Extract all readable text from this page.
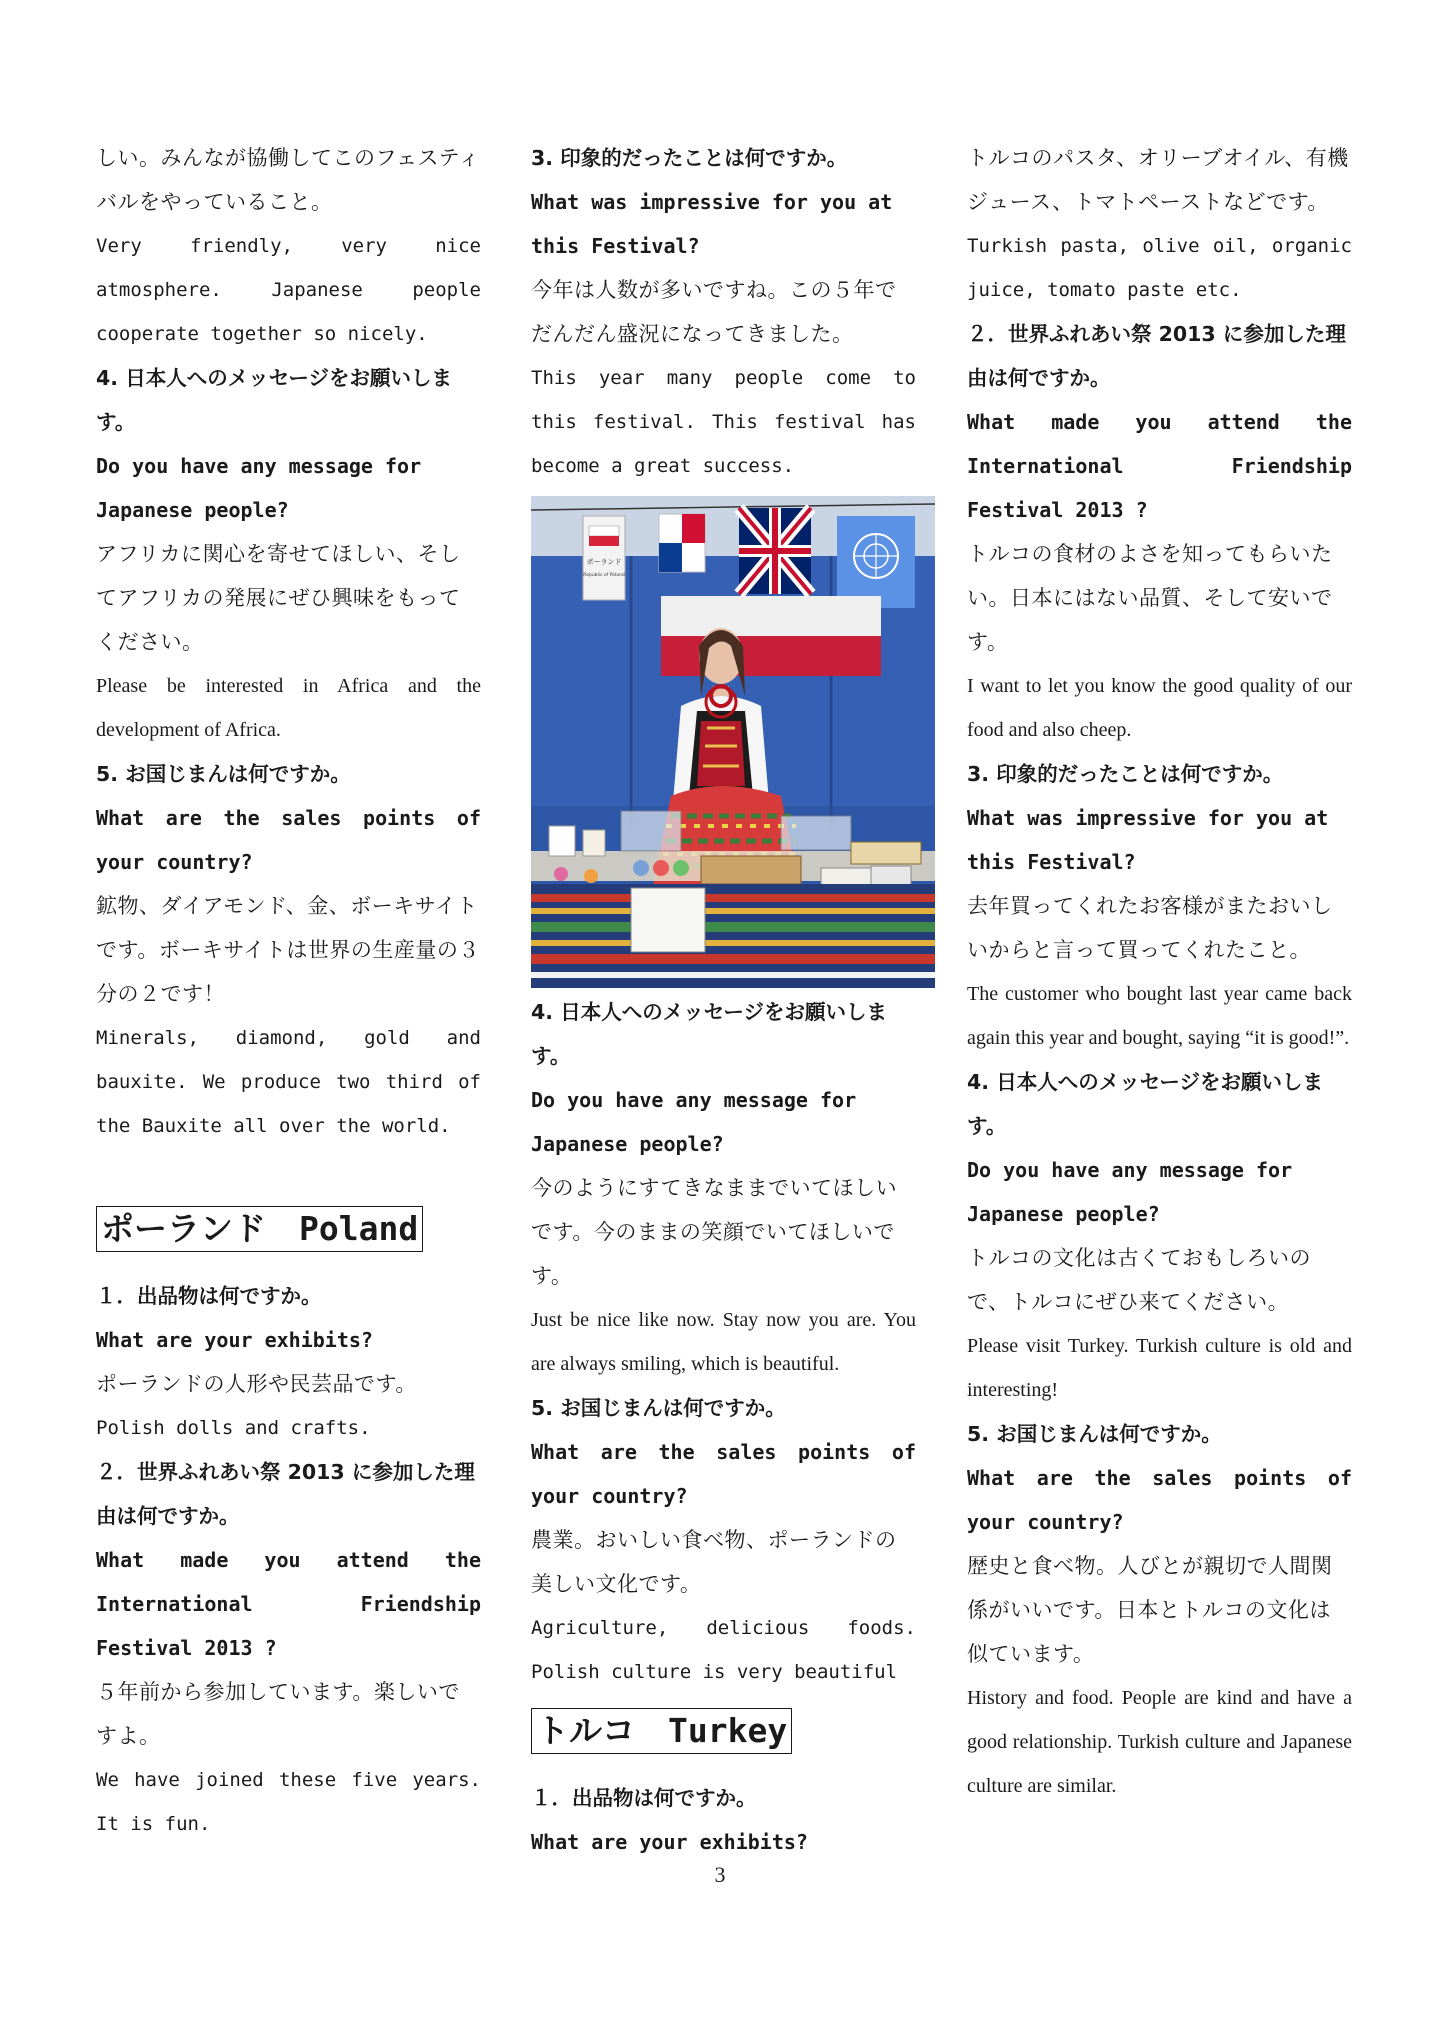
しい。みんなが協働してこのフェスティバルをやっていること。

Very friendly, very nice atmosphere. Japanese people cooperate together so nicely.

4. 日本人へのメッセージをお願いします。

Do you have any message for Japanese people?

アフリカに関心を寄せてほしい、そしてアフリカの発展にぜひ興味をもってください。

Please be interested in Africa and the development of Africa.

5. お国じまんは何ですか。

What are the sales points of your country?

鉱物、ダイアモンド、金、ボーキサイトです。ボーキサイトは世界の生産量の３分の２です！

Minerals, diamond, gold and bauxite. We produce two third of the Bauxite all over the world.

ポーランド　Poland

１．出品物は何ですか。

What are your exhibits?

ポーランドの人形や民芸品です。

Polish dolls and crafts.

２．世界ふれあい祭 2013 に参加した理由は何ですか。

What made you attend the International Friendship Festival 2013 ?

５年前から参加しています。楽しいですよ。

We have joined these five years. It is fun.

3. 印象的だったことは何ですか。

What was impressive for you at this Festival?

今年は人数が多いですね。この５年でだんだん盛況になってきました。

This year many people come to this festival. This festival has become a great success.

ポーランド
Republic of Poland

4. 日本人へのメッセージをお願いします。

Do you have any message for Japanese people?

今のようにすてきなままでいてほしいです。今のままの笑顔でいてほしいです。

Just be nice like now. Stay now you are. You are always smiling, which is beautiful.

5. お国じまんは何ですか。

What are the sales points of your country?

農業。おいしい食べ物、ポーランドの美しい文化です。

Agriculture, delicious foods. Polish culture is very beautiful

トルコ　Turkey

１．出品物は何ですか。

What are your exhibits?

トルコのパスタ、オリーブオイル、有機ジュース、トマトペーストなどです。

Turkish pasta, olive oil, organic juice, tomato paste etc.

２．世界ふれあい祭 2013 に参加した理由は何ですか。

What made you attend the International Friendship Festival 2013 ?

トルコの食材のよさを知ってもらいたい。日本にはない品質、そして安いです。

I want to let you know the good quality of our food and also cheep.

3. 印象的だったことは何ですか。

What was impressive for you at this Festival?

去年買ってくれたお客様がまたおいしいからと言って買ってくれたこと。

The customer who bought last year came back again this year and bought, saying “it is good!”.

4. 日本人へのメッセージをお願いします。

Do you have any message for Japanese people?

トルコの文化は古くておもしろいので、トルコにぜひ来てください。

Please visit Turkey. Turkish culture is old and interesting!

5. お国じまんは何ですか。

What are the sales points of your country?

歴史と食べ物。人びとが親切で人間関係がいいです。日本とトルコの文化は似ています。

History and food. People are kind and have a good relationship. Turkish culture and Japanese culture are similar.

3
